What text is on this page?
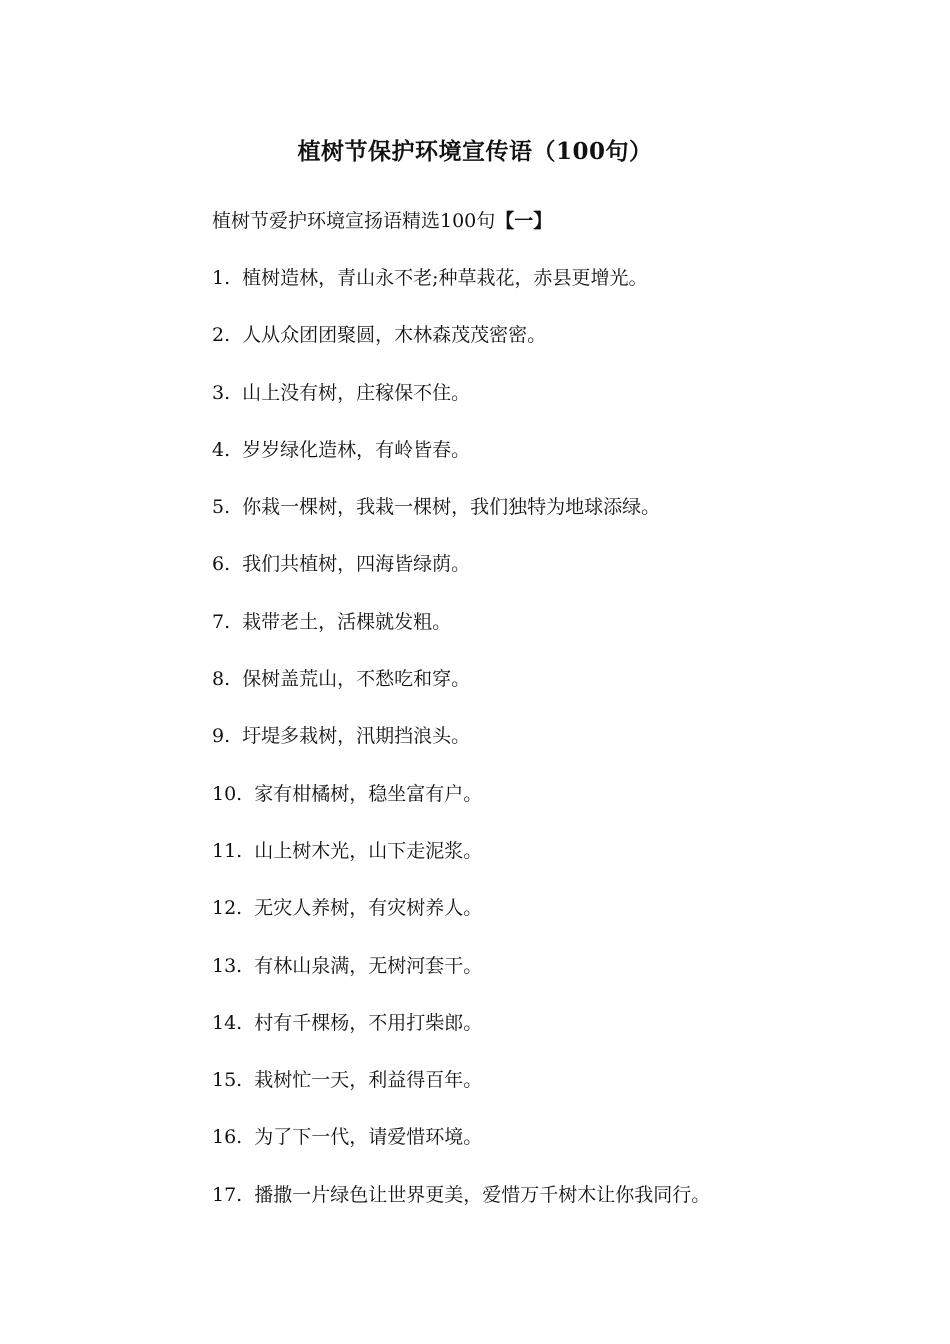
植树节保护环境宣传语（100句）
植树节爱护环境宣扬语精选100句【一】
1. 植树造林，青山永不老;种草栽花，赤县更增光。
2. 人从众团团聚圆，木林森茂茂密密。
3. 山上没有树，庄稼保不住。
4. 岁岁绿化造林，有岭皆春。
5. 你栽一棵树，我栽一棵树，我们独特为地球添绿。
6. 我们共植树，四海皆绿荫。
7. 栽带老土，活棵就发粗。
8. 保树盖荒山，不愁吃和穿。
9. 圩堤多栽树，汛期挡浪头。
10. 家有柑橘树，稳坐富有户。
11. 山上树木光，山下走泥浆。
12. 无灾人养树，有灾树养人。
13. 有林山泉满，无树河套干。
14. 村有千棵杨，不用打柴郎。
15. 栽树忙一天，利益得百年。
16. 为了下一代，请爱惜环境。
17. 播撒一片绿色让世界更美，爱惜万千树木让你我同行。
